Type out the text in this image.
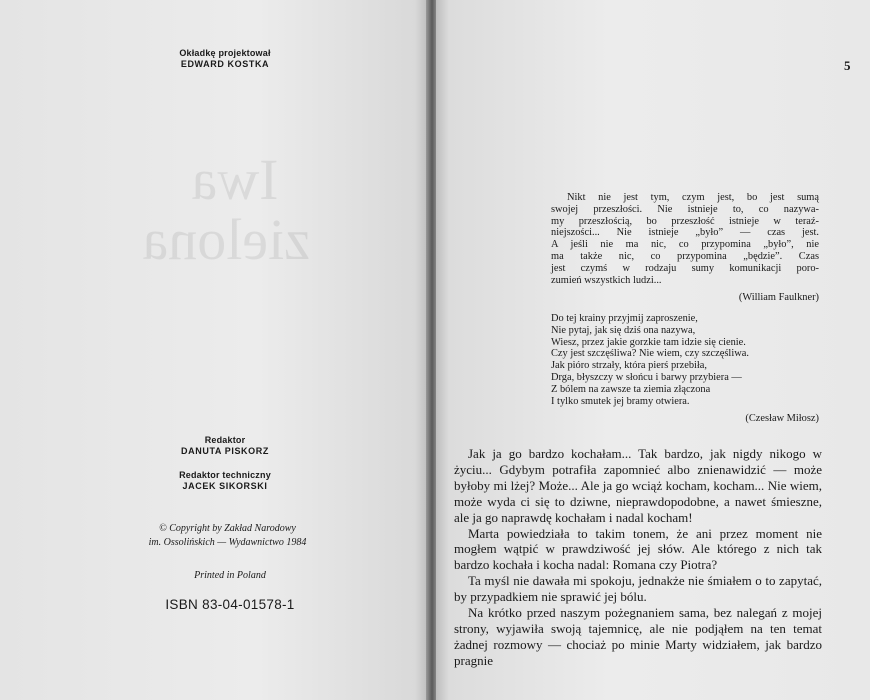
Iwa
zielona
Okładkę projektował
EDWARD KOSTKA
Redaktor
DANUTA PISKORZ
Redaktor techniczny
JACEK SIKORSKI
© Copyright by Zakład Narodowy
im. Ossolińskich — Wydawnictwo 1984
Printed in Poland
ISBN 83-04-01578-1
5
Nikt nie jest tym, czym jest, bo jest sumą
swojej przeszłości. Nie istnieje to, co nazywa-
my przeszłością, bo przeszłość istnieje w teraź-
niejszości... Nie istnieje „było” — czas jest.
A jeśli nie ma nic, co przypomina „było”, nie
ma także nic, co przypomina „będzie”. Czas
jest czymś w rodzaju sumy komunikacji poro-
zumień wszystkich ludzi...

(William Faulkner)

Do tej krainy przyjmij zaproszenie,
Nie pytaj, jak się dziś ona nazywa,
Wiesz, przez jakie gorzkie tam idzie się cienie.
Czy jest szczęśliwa? Nie wiem, czy szczęśliwa.
Jak pióro strzały, która pierś przebiła,
Drga, błyszczy w słońcu i barwy przybiera —
Z bólem na zawsze ta ziemia złączona
I tylko smutek jej bramy otwiera.
(Czesław Miłosz)

Jak ja go bardzo kochałam... Tak bardzo, jak nigdy nikogo w życiu... Gdybym potrafiła zapomnieć albo znienawidzić — może byłoby mi lżej? Może... Ale ja go wciąż kocham, kocham... Nie wiem, może wyda ci się to dziwne, nieprawdopodobne, a nawet śmieszne, ale ja go naprawdę kochałam i nadal kocham!

Marta powiedziała to takim tonem, że ani przez moment nie mogłem wątpić w prawdziwość jej słów. Ale którego z nich tak bardzo kochała i kocha nadal: Romana czy Piotra?

Ta myśl nie dawała mi spokoju, jednakże nie śmiałem o to zapytać, by przypadkiem nie sprawić jej bólu.

Na krótko przed naszym pożegnaniem sama, bez nalegań z mojej strony, wyjawiła swoją tajemnicę, ale nie podjąłem na ten temat żadnej rozmowy — chociaż po minie Marty widziałem, jak bardzo pragnie
